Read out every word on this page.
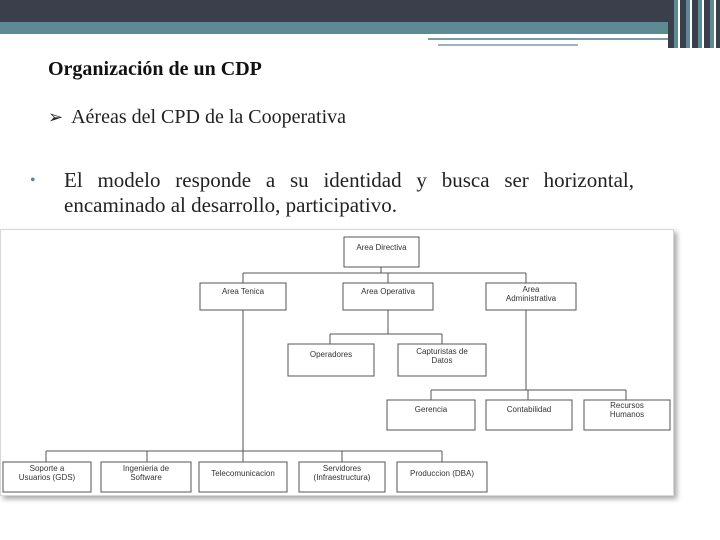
Organización de un CDP
➢ Aéreas del CPD de la Cooperativa
• El modelo responde a su identidad y busca ser horizontal, encaminado al desarrollo, participativo.
Area Directiva
Area Tenica	Area Operativa	Area
Administrativa
Operadores	Capturistas de
Datos
Gerencia	Contabilidad	Recursos
Humanos
Soporte a
Usuarios (GDS)
Ingenieria de
Software	Telecomunicacion
Servidores
(Infraestructura)	Produccion (DBA)
